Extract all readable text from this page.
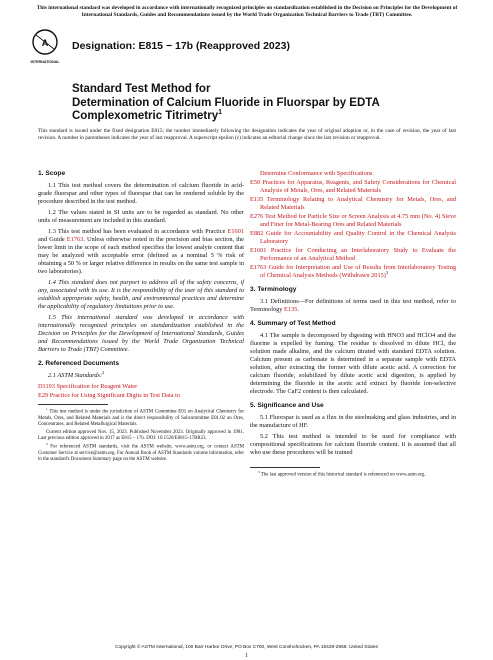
This international standard was developed in accordance with internationally recognized principles on standardization established in the Decision on Principles for the Development of International Standards, Guides and Recommendations issued by the World Trade Organization Technical Barriers to Trade (TBT) Committee.
A
INTERNATIONAL
Designation: E815 − 17b (Reapproved 2023)
Standard Test Method for
Determination of Calcium Fluoride in Fluorspar by EDTA
Complexometric Titrimetry$^1$
This standard is issued under the fixed designation E815; the number immediately following the designation indicates the year of original adoption or, in the case of revision, the year of last revision. A number in parentheses indicates the year of last reapproval. A superscript epsilon (ε) indicates an editorial change since the last revision or reapproval.
1. Scope
1.1 This test method covers the determination of calcium fluoride in acid-grade fluorspar and other types of fluorspar that can be rendered soluble by the procedure described in the test method.
1.2 The values stated in SI units are to be regarded as standard. No other units of measurement are included in this standard.
1.3 This test method has been evaluated in accordance with Practice E1601 and Guide E1763. Unless otherwise noted in the precision and bias section, the lower limit in the scope of each method specifies the lowest analyte content that may be analyzed with acceptable error (defined as a nominal 5 % risk of obtaining a 50 % or larger relative difference in results on the same test sample in two laboratories).
1.4 This standard does not purport to address all of the safety concerns, if any, associated with its use. It is the responsibility of the user of this standard to establish appropriate safety, health, and environmental practices and determine the applicability of regulatory limitations prior to use.
1.5 This international standard was developed in accordance with internationally recognized principles on standardization established in the Decision on Principles for the Development of International Standards, Guides and Recommendations issued by the World Trade Organization Technical Barriers to Trade (TBT) Committee.
2. Referenced Documents
2.1 ASTM Standards:$^2$
D1193 Specification for Reagent Water
E29 Practice for Using Significant Digits in Test Data to
$^1$ This test method is under the jurisdiction of ASTM Committee E01 on Analytical Chemistry for Metals, Ores, and Related Materials and is the direct responsibility of Subcommittee E01.02 on Ores, Concentrates, and Related Metallurgical Materials.
Current edition approved Nov. 15, 2023. Published November 2023. Originally approved in 1981. Last previous edition approved in 2017 as E815 – 17b. DOI: 10.1520/E0815-17BR23.
$^2$ For referenced ASTM standards, visit the ASTM website, www.astm.org, or contact ASTM Customer Service at service@astm.org. For Annual Book of ASTM Standards volume information, refer to the standard's Document Summary page on the ASTM website.
Determine Conformance with Specifications
E50 Practices for Apparatus, Reagents, and Safety Considerations for Chemical Analysis of Metals, Ores, and Related Materials
E135 Terminology Relating to Analytical Chemistry for Metals, Ores, and Related Materials
E276 Test Method for Particle Size or Screen Analysis at 4.75 mm (No. 4) Sieve and Finer for Metal-Bearing Ores and Related Materials
E882 Guide for Accountability and Quality Control in the Chemical Analysis Laboratory
E1601 Practice for Conducting an Interlaboratory Study to Evaluate the Performance of an Analytical Method
E1763 Guide for Interpretation and Use of Results from Interlaboratory Testing of Chemical Analysis Methods (Withdrawn 2015)$^3$
3. Terminology
3.1 Definitions—For definitions of terms used in this test method, refer to Terminology E135.
4. Summary of Test Method
4.1 The sample is decomposed by digesting with HNO3 and HClO4 and the fluorine is expelled by fuming. The residue is dissolved in dilute HCl, the solution made alkaline, and the calcium titrated with standard EDTA solution. Calcium present as carbonate is determined in a separate sample with EDTA solution, after extracting the former with dilute acetic acid. A correction for calcium fluoride, solubilized by dilute acetic acid digestion, is applied by determining the fluoride in the acetic acid extract by fluoride ion-selective electrode. The CaF2 content is then calculated.
5. Significance and Use
5.1 Fluorspar is used as a flux in the steelmaking and glass industries, and in the manufacture of HF.
5.2 This test method is intended to be used for compliance with compositional specifications for calcium fluoride content. It is assumed that all who use these procedures will be trained
$^3$ The last approved version of this historical standard is referenced on www.astm.org.
Copyright © ASTM International, 100 Barr Harbor Drive, PO Box C700, West Conshohocken, PA 19428-2959. United States
1
